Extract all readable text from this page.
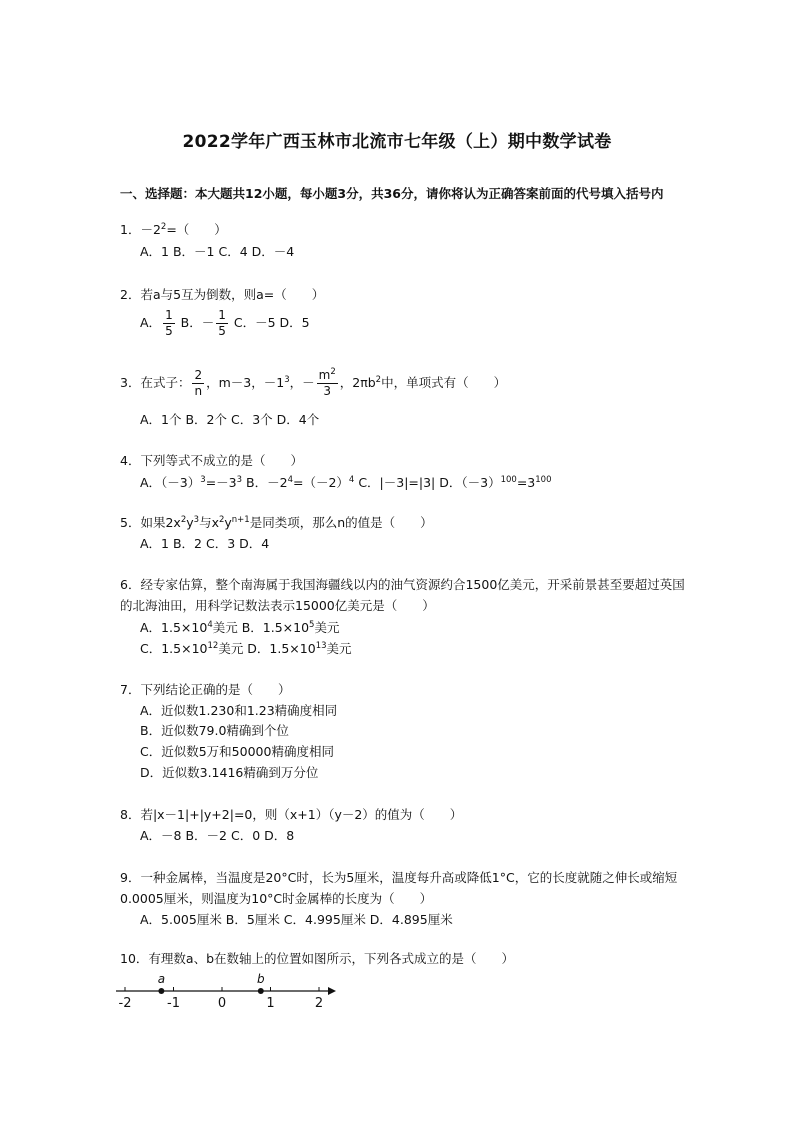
2022学年广西玉林市北流市七年级（上）期中数学试卷
一、选择题：本大题共12小题，每小题3分，共36分，请你将认为正确答案前面的代号填入括号内
1．$-2^2=$（　　）
A．1 B．－1 C．4 D．－4
2．若a与5互为倒数，则a=（　　）
A． $\frac{1}{5}$ B．－ $\frac{1}{5}$ C．－5 D．5
3．在式子： $\frac{2}{n}$ ，m－3，$-1^3$，－ $\frac{m^2}{3}$ ，$2\pi b^2$中，单项式有（　　）
A．1个 B．2个 C．3个 D．4个
4．下列等式不成立的是（　　）
A．$(-3)^3=-3^3$ B．$-2^4=(-2)^4$ C．|－3|=|3| D．$(-3)^{100}=3^{100}$
5．如果$2x^2y^3$与$x^2y^{n+1}$是同类项，那么n的值是（　　）
A．1 B．2 C．3 D．4
6．经专家估算，整个南海属于我国海疆线以内的油气资源约合1500亿美元，开采前景甚至要超过英国的北海油田，用科学记数法表示15000亿美元是（　　）
A．$1.5\times 10^4$美元 B．$1.5\times 10^5$美元
C．$1.5\times 10^{12}$美元 D．$1.5\times 10^{13}$美元
7．下列结论正确的是（　　）
A．近似数1.230和1.23精确度相同
B．近似数79.0精确到个位
C．近似数5万和50000精确度相同
D．近似数3.1416精确到万分位
8．若|x－1|+|y+2|=0，则（x+1）（y－2）的值为（　　）
A．－8 B．－2 C．0 D．8
9．一种金属棒，当温度是20°C时，长为5厘米，温度每升高或降低1°C，它的长度就随之伸长或缩短0.0005厘米，则温度为10°C时金属棒的长度为（　　）
A．5.005厘米 B．5厘米 C．4.995厘米 D．4.895厘米
10．有理数a、b在数轴上的位置如图所示，下列各式成立的是（　　）
-2	-1	0	1	2
a	b
